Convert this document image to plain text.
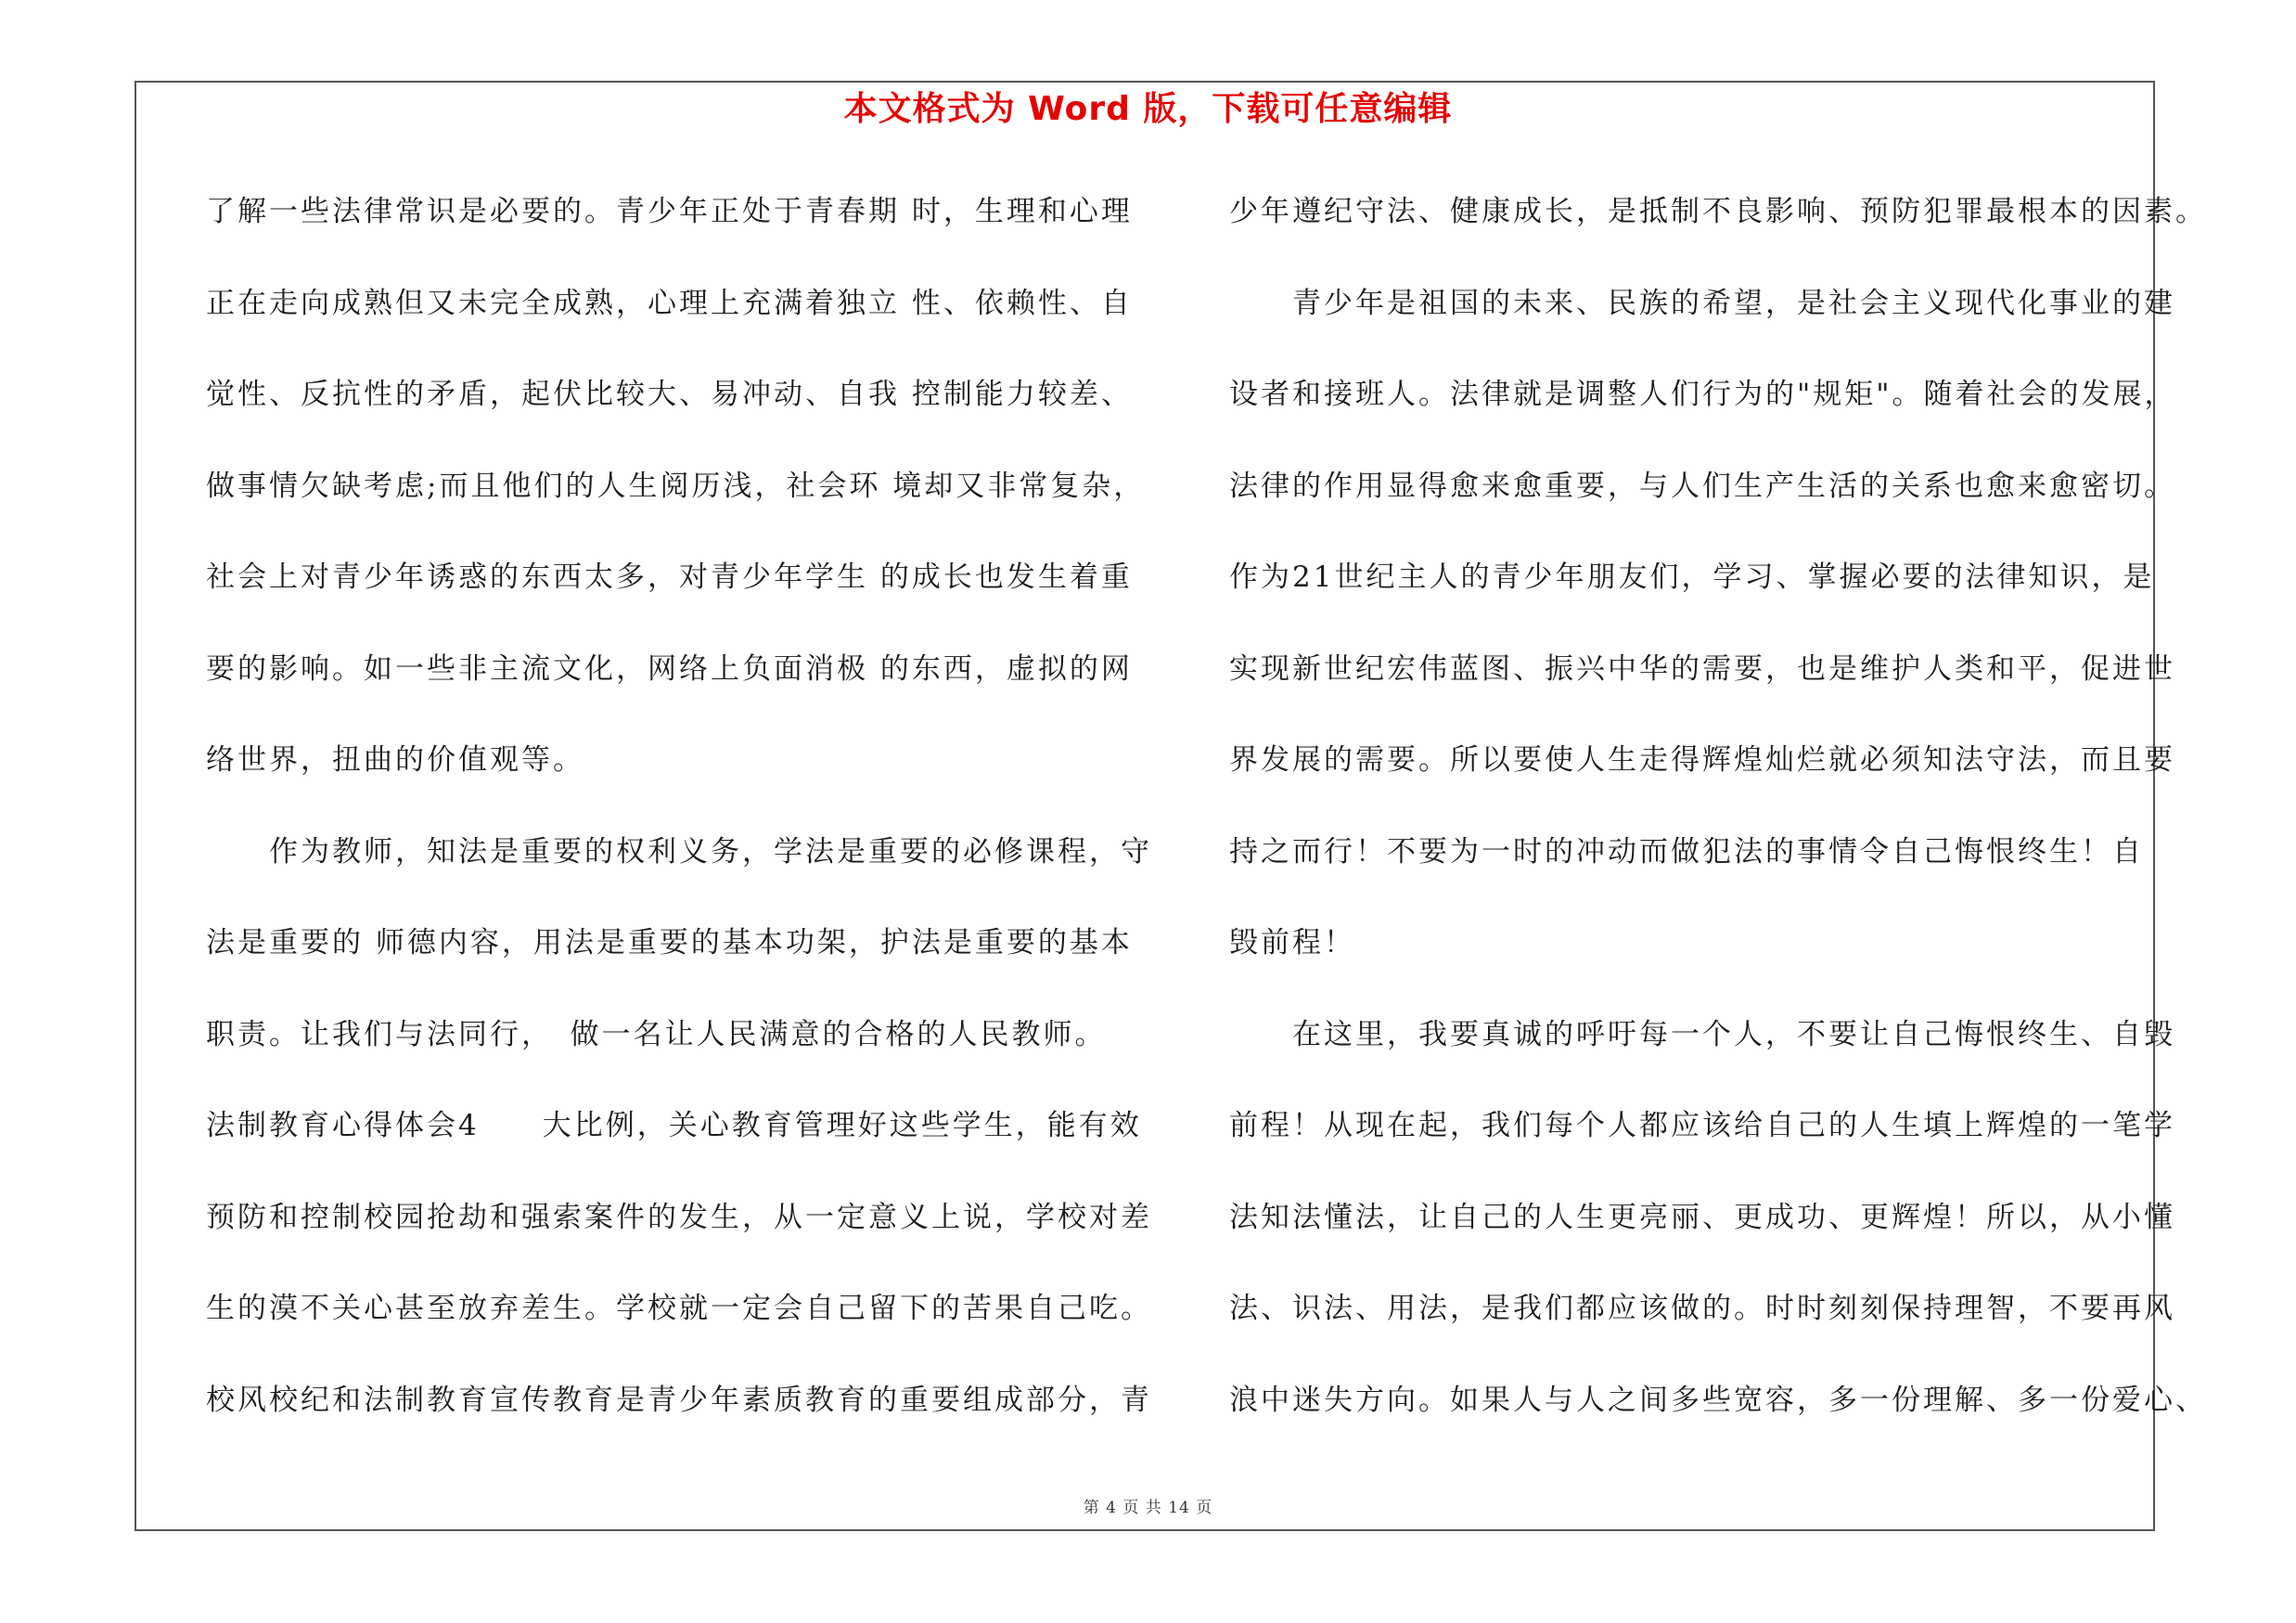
本文格式为 Word 版，下载可任意编辑
了解一些法律常识是必要的。青少年正处于青春期 时，生理和心理
正在走向成熟但又未完全成熟，心理上充满着独立 性、依赖性、自
觉性、反抗性的矛盾，起伏比较大、易冲动、自我 控制能力较差、
做事情欠缺考虑;而且他们的人生阅历浅，社会环 境却又非常复杂，
社会上对青少年诱惑的东西太多，对青少年学生 的成长也发生着重
要的影响。如一些非主流文化，网络上负面消极 的东西，虚拟的网
络世界，扭曲的价值观等。
　　作为教师，知法是重要的权利义务，学法是重要的必修课程，守
法是重要的 师德内容，用法是重要的基本功架，护法是重要的基本
职责。让我们与法同行，　做一名让人民满意的合格的人民教师。
法制教育心得体会4　　大比例，关心教育管理好这些学生，能有效
预防和控制校园抢劫和强索案件的发生，从一定意义上说，学校对差
生的漠不关心甚至放弃差生。学校就一定会自己留下的苦果自己吃。
校风校纪和法制教育宣传教育是青少年素质教育的重要组成部分，青
少年遵纪守法、健康成长，是抵制不良影响、预防犯罪最根本的因素。
　　青少年是祖国的未来、民族的希望，是社会主义现代化事业的建
设者和接班人。法律就是调整人们行为的"规矩"。随着社会的发展，
法律的作用显得愈来愈重要，与人们生产生活的关系也愈来愈密切。
作为21世纪主人的青少年朋友们，学习、掌握必要的法律知识，是
实现新世纪宏伟蓝图、振兴中华的需要，也是维护人类和平，促进世
界发展的需要。所以要使人生走得辉煌灿烂就必须知法守法，而且要
持之而行！不要为一时的冲动而做犯法的事情令自己悔恨终生！自
毁前程！
　　在这里，我要真诚的呼吁每一个人，不要让自己悔恨终生、自毁
前程！从现在起，我们每个人都应该给自己的人生填上辉煌的一笔学
法知法懂法，让自己的人生更亮丽、更成功、更辉煌！所以，从小懂
法、识法、用法，是我们都应该做的。时时刻刻保持理智，不要再风
浪中迷失方向。如果人与人之间多些宽容，多一份理解、多一份爱心、
第 4 页 共 14 页
